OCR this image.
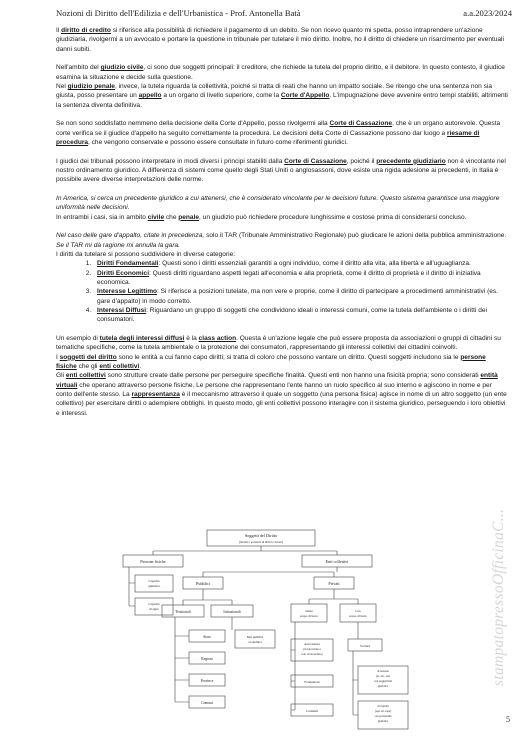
Nozioni di Diritto dell'Edilizia e dell'Urbanistica - Prof. Antonella Batà	a.a.2023/2024

Il diritto di credito si riferisce alla possibilità di richiedere il pagamento di un debito. Se non ricevo quanto mi spetta, posso intraprendere un'azione giudiziaria, rivolgermi a un avvocato e portare la questione in tribunale per tutelare il mio diritto. Inoltre, ho il diritto di chiedere un risarcimento per eventuali danni subiti.

Nell'ambito del giudizio civile, ci sono due soggetti principali: il creditore, che richiede la tutela del proprio diritto, e il debitore. In questo contesto, il giudice esamina la situazione e decide sulla questione.

Nel giudizio penale, invece, la tutela riguarda la collettività, poiché si tratta di reati che hanno un impatto sociale. Se ritengo che una sentenza non sia giusta, posso presentare un appello a un organo di livello superiore, come la Corte d'Appello. L'impugnazione deve avvenire entro tempi stabiliti, altrimenti la sentenza diventa definitiva.

Se non sono soddisfatto nemmeno della decisione della Corte d'Appello, posso rivolgermi alla Corte di Cassazione, che è un organo autorevole. Questa corte verifica se il giudice d'appello ha seguito correttamente la procedura. Le decisioni della Corte di Cassazione possono dar luogo a riesame di procedura, che vengono conservate e possono essere consultate in futuro come riferimenti giuridici.

I giudici dei tribunali possono interpretare in modi diversi i principi stabiliti dalla Corte di Cassazione, poiché il precedente giudiziario non è vincolante nel nostro ordinamento giuridico. A differenza di sistemi come quello degli Stati Uniti o anglosassoni, dove esiste una rigida adesione ai precedenti, in Italia è possibile avere diverse interpretazioni delle norme.

In America, si cerca un precedente giuridico a cui attenersi, che è considerato vincolante per le decisioni future. Questo sistema garantisce una maggiore uniformità nelle decisioni.
In entrambi i casi, sia in ambito civile che penale, un giudizio può richiedere procedure lunghissime e costose prima di considerarsi concluso.

Nel caso delle gare d'appalto, citate in precedenza, solo il TAR (Tribunale Amministrativo Regionale) può giudicare le azioni della pubblica amministrazione. Se il TAR mi dà ragione mi annulla la gara.
I diritti da tutelare si possono suddividere in diverse categorie:

1. Diritti Fondamentali: Questi sono i diritti essenziali garantiti a ogni individuo, come il diritto alla vita, alla libertà e all'uguaglianza.
2. Diritti Economici: Questi diritti riguardano aspetti legati all'economia e alla proprietà, come il diritto di proprietà e il diritto di iniziativa economica.
3. Interesse Legittimo: Si riferisce a posizioni tutelate, ma non vere e proprie, come il diritto di partecipare a procedimenti amministrativi (es. gare d'appalto) in modo corretto.
4. Interessi Diffusi: Riguardano un gruppo di soggetti che condividono ideali o interessi comuni, come la tutela dell'ambiente o i diritti dei consumatori.

Un esempio di tutela degli interessi diffusi è la class action. Questa è un'azione legale che può essere proposta da associazioni o gruppi di cittadini su tematiche specifiche, come la tutela ambientale o la protezione dei consumatori, rappresentando gli interessi collettivi dei cittadini coinvolti.

I soggetti del diritto sono le entità a cui fanno capo diritti; si tratta di coloro che possono vantare un diritto. Questi soggetti includono sia le persone fisiche che gli enti collettivi.

Gli enti collettivi sono strutture create dalle persone per perseguire specifiche finalità. Questi enti non hanno una fisicità propria; sono considerati entità virtuali che operano attraverso persone fisiche. Le persone che rappresentano l'ente hanno un ruolo specifico al suo interno e agiscono in nome e per conto dell'ente stesso. La rappresentanza è il meccanismo attraverso il quale un soggetto (una persona fisica) agisce in nome di un altro soggetto (un ente collettivo) per esercitare diritti o adempiere obblighi. In questo modo, gli enti collettivi possono interagire con il sistema giuridico, perseguendo i loro obiettivi e interessi.

Soggetti del Diritto
(titolari e portatori di diritti e doveri)
Persone fisiche
Capacità
giuridica
Capacità
di agire
Enti collettivi
Pubblici	Privati
Territoriali	Istituzionali
Stato
Regioni
Province
Comuni
Enti pubblici
economici
Senza
scopo di lucro
Con
scopo di lucro
Associazioni
(riconosciute e
non riconosciute)
Fondazioni
Comitati
Società
di persone
(ss, snc, sas)
con soggettività
giuridica
di capitali
(spa, srl, sapa)
con personalità
giuridica
stampatopressoOfficinaC...
5
